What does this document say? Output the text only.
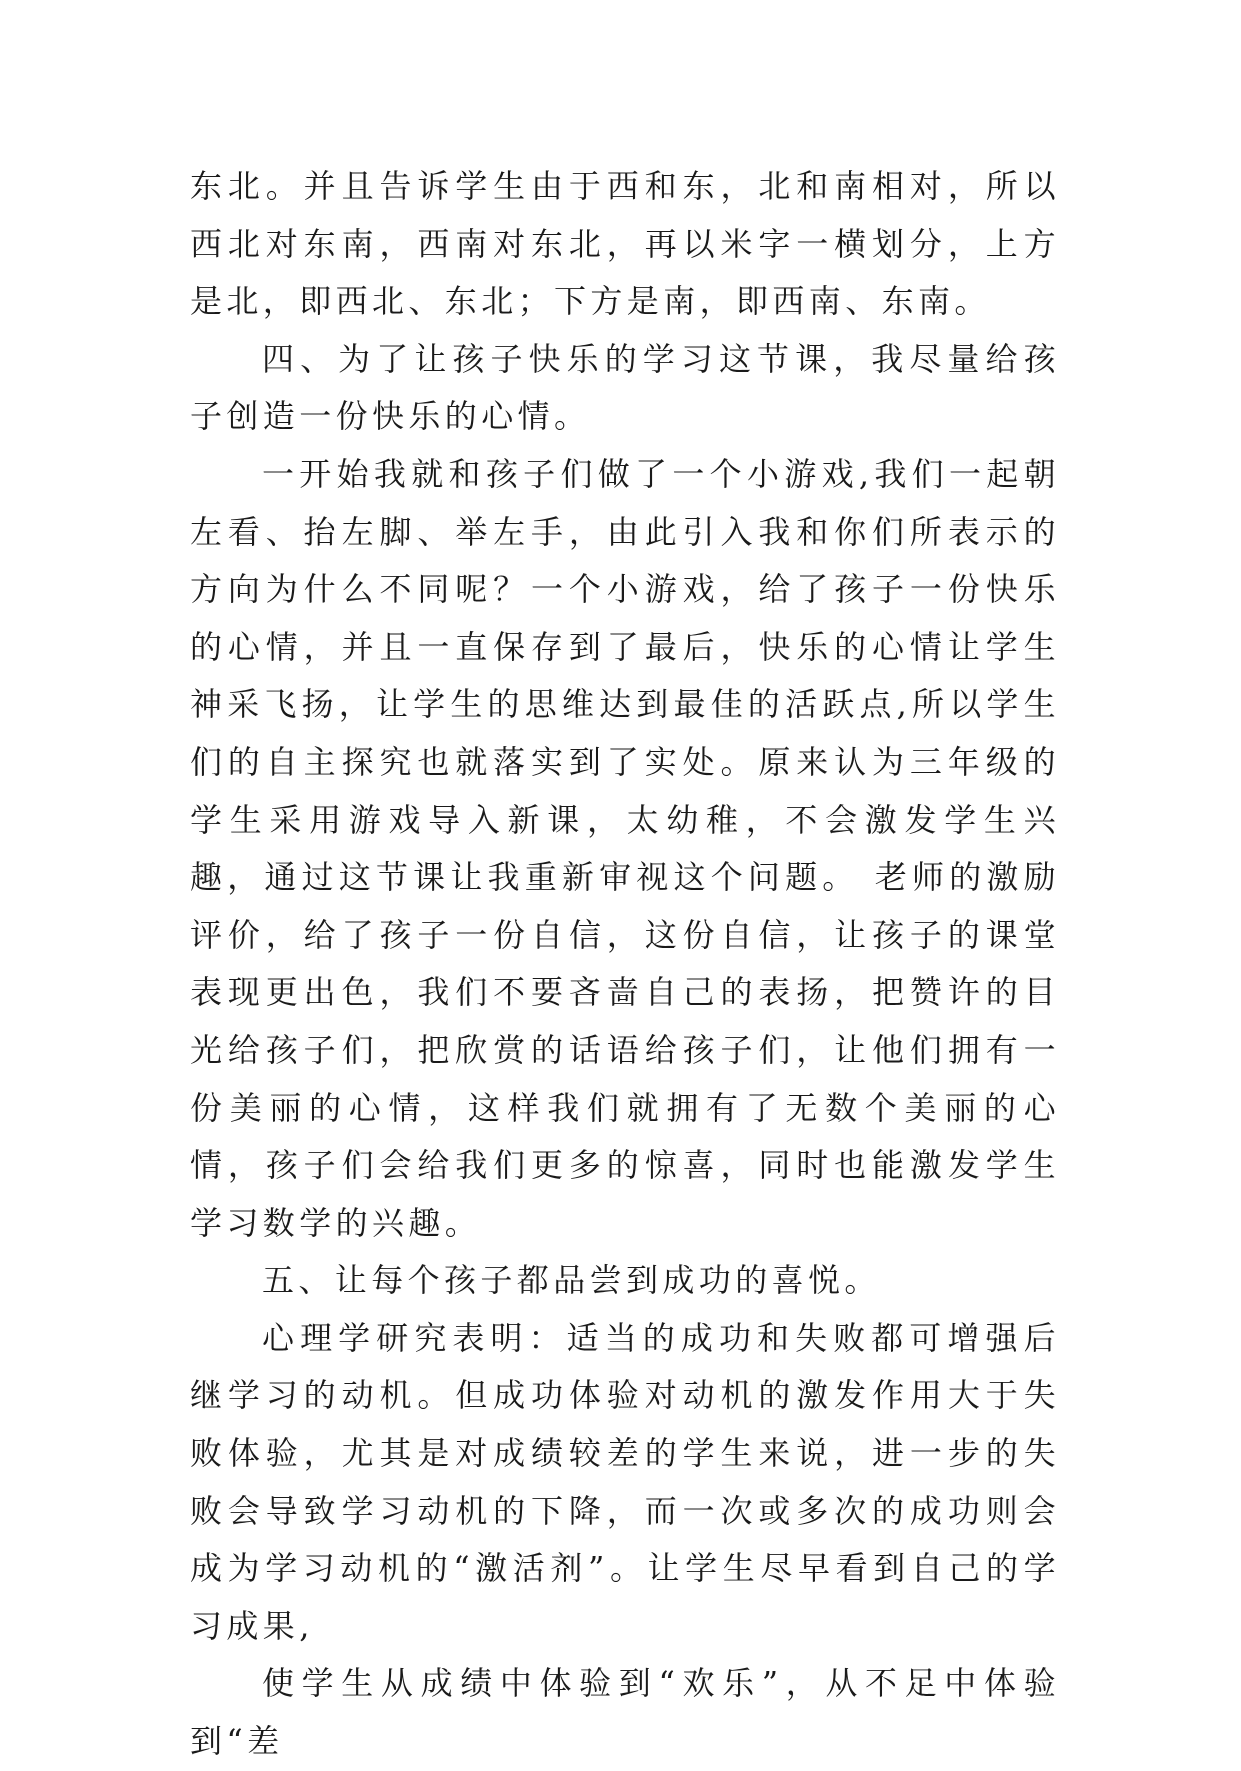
东北。并且告诉学生由于西和东，北和南相对，所以西北对东南，西南对东北，再以米字一横划分，上方是北，即西北、东北；下方是南，即西南、东南。

四、为了让孩子快乐的学习这节课，我尽量给孩子创造一份快乐的心情。

一开始我就和孩子们做了一个小游戏,我们一起朝左看、抬左脚、举左手，由此引入我和你们所表示的方向为什么不同呢？一个小游戏，给了孩子一份快乐的心情，并且一直保存到了最后，快乐的心情让学生神采飞扬，让学生的思维达到最佳的活跃点,所以学生们的自主探究也就落实到了实处。原来认为三年级的学生采用游戏导入新课，太幼稚，不会激发学生兴趣，通过这节课让我重新审视这个问题。 老师的激励评价，给了孩子一份自信，这份自信，让孩子的课堂表现更出色，我们不要吝啬自己的表扬，把赞许的目光给孩子们，把欣赏的话语给孩子们，让他们拥有一份美丽的心情，这样我们就拥有了无数个美丽的心情，孩子们会给我们更多的惊喜，同时也能激发学生学习数学的兴趣。

五、让每个孩子都品尝到成功的喜悦。

心理学研究表明：适当的成功和失败都可增强后继学习的动机。但成功体验对动机的激发作用大于失败体验，尤其是对成绩较差的学生来说，进一步的失败会导致学习动机的下降，而一次或多次的成功则会成为学习动机的“激活剂”。让学生尽早看到自己的学习成果,

使学生从成绩中体验到“欢乐”，从不足中体验到“差
